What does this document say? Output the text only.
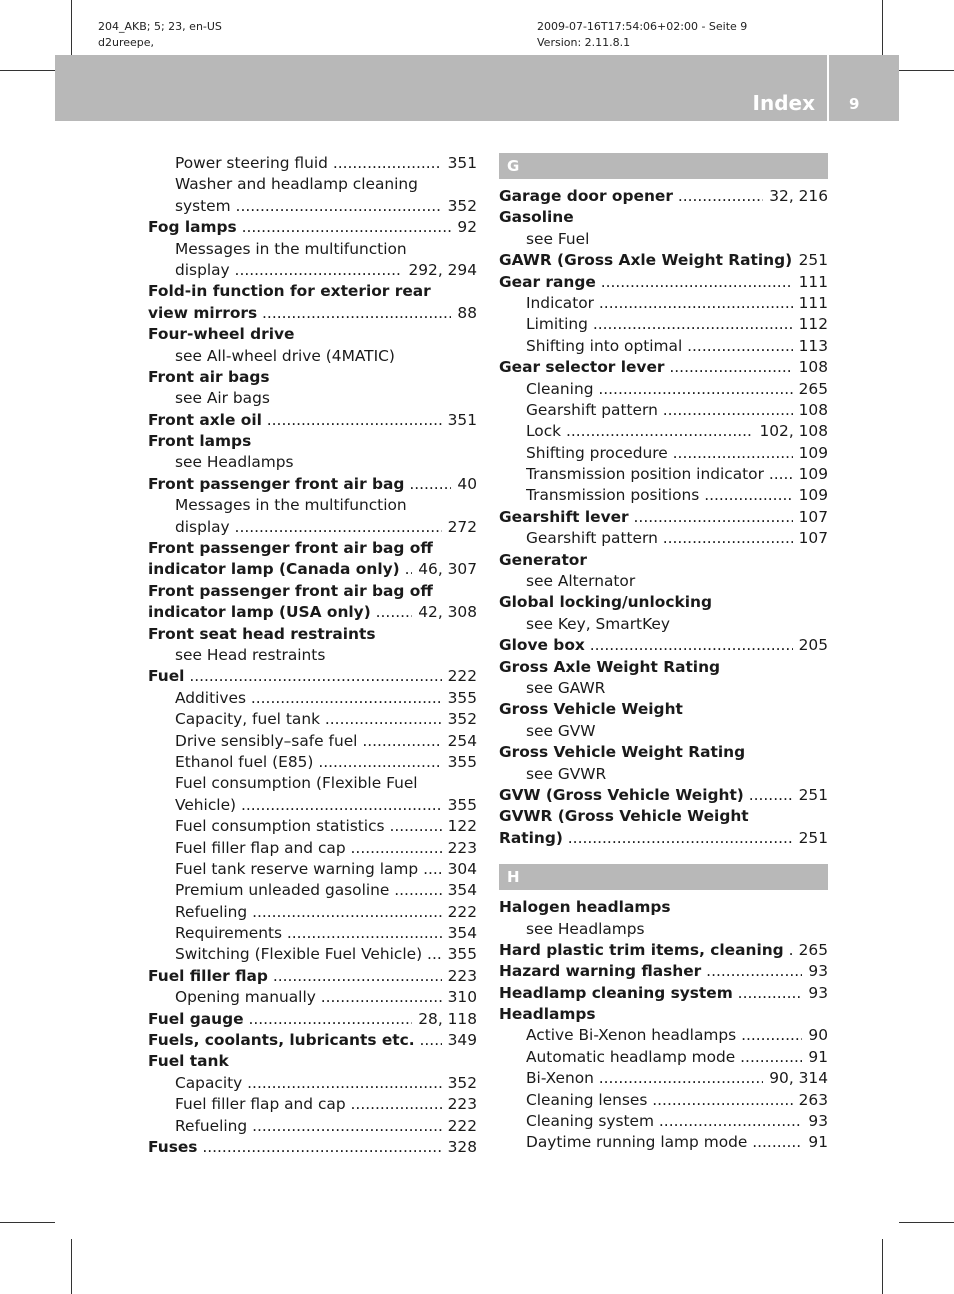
204_AKB; 5; 23, en-US
d2ureepe,
2009-07-16T17:54:06+02:00 - Seite 9
Version: 2.11.8.1
Index 9
Power steering fluid .....	351
Washer and headlamp cleaning
system .....	352
Fog lamps .....	92
Messages in the multifunction
display .....	292, 294
Fold-in function for exterior rear
view mirrors .....	88
Four-wheel drive
see All-wheel drive (4MATIC)
Front air bags
see Air bags
Front axle oil .....	351
Front lamps
see Headlamps
Front passenger front air bag .....	40
Messages in the multifunction
display .....	272
Front passenger front air bag off
indicator lamp (Canada only) .....	46, 307
Front passenger front air bag off
indicator lamp (USA only) .....	42, 308
Front seat head restraints
see Head restraints
Fuel .....	222
Additives .....	355
Capacity, fuel tank .....	352
Drive sensibly–safe fuel .....	254
Ethanol fuel (E85) .....	355
Fuel consumption (Flexible Fuel
Vehicle) .....	355
Fuel consumption statistics .....	122
Fuel filler flap and cap .....	223
Fuel tank reserve warning lamp .....	304
Premium unleaded gasoline .....	354
Refueling .....	222
Requirements .....	354
Switching (Flexible Fuel Vehicle) .....	355
Fuel filler flap .....	223
Opening manually .....	310
Fuel gauge .....	28, 118
Fuels, coolants, lubricants etc. .....	349
Fuel tank
Capacity .....	352
Fuel filler flap and cap .....	223
Refueling .....	222
Fuses .....	328
G
Garage door opener .....	32, 216
Gasoline
see Fuel
GAWR (Gross Axle Weight Rating) ..... 251
Gear range .....	111
Indicator .....	111
Limiting .....	112
Shifting into optimal .....	113
Gear selector lever .....	108
Cleaning .....	265
Gearshift pattern .....	108
Lock .....	102, 108
Shifting procedure .....	109
Transmission position indicator .....	109
Transmission positions .....	109
Gearshift lever .....	107
Gearshift pattern .....	107
Generator
see Alternator
Global locking/unlocking
see Key, SmartKey
Glove box .....	205
Gross Axle Weight Rating
see GAWR
Gross Vehicle Weight
see GVW
Gross Vehicle Weight Rating
see GVWR
GVW (Gross Vehicle Weight) .....	251
GVWR (Gross Vehicle Weight
Rating) .....	251
H
Halogen headlamps
see Headlamps
Hard plastic trim items, cleaning ..... 265
Hazard warning flasher .....	93
Headlamp cleaning system .....	93
Headlamps
Active Bi-Xenon headlamps .....	90
Automatic headlamp mode .....	91
Bi-Xenon .....	90, 314
Cleaning lenses .....	263
Cleaning system .....	93
Daytime running lamp mode .....	91
